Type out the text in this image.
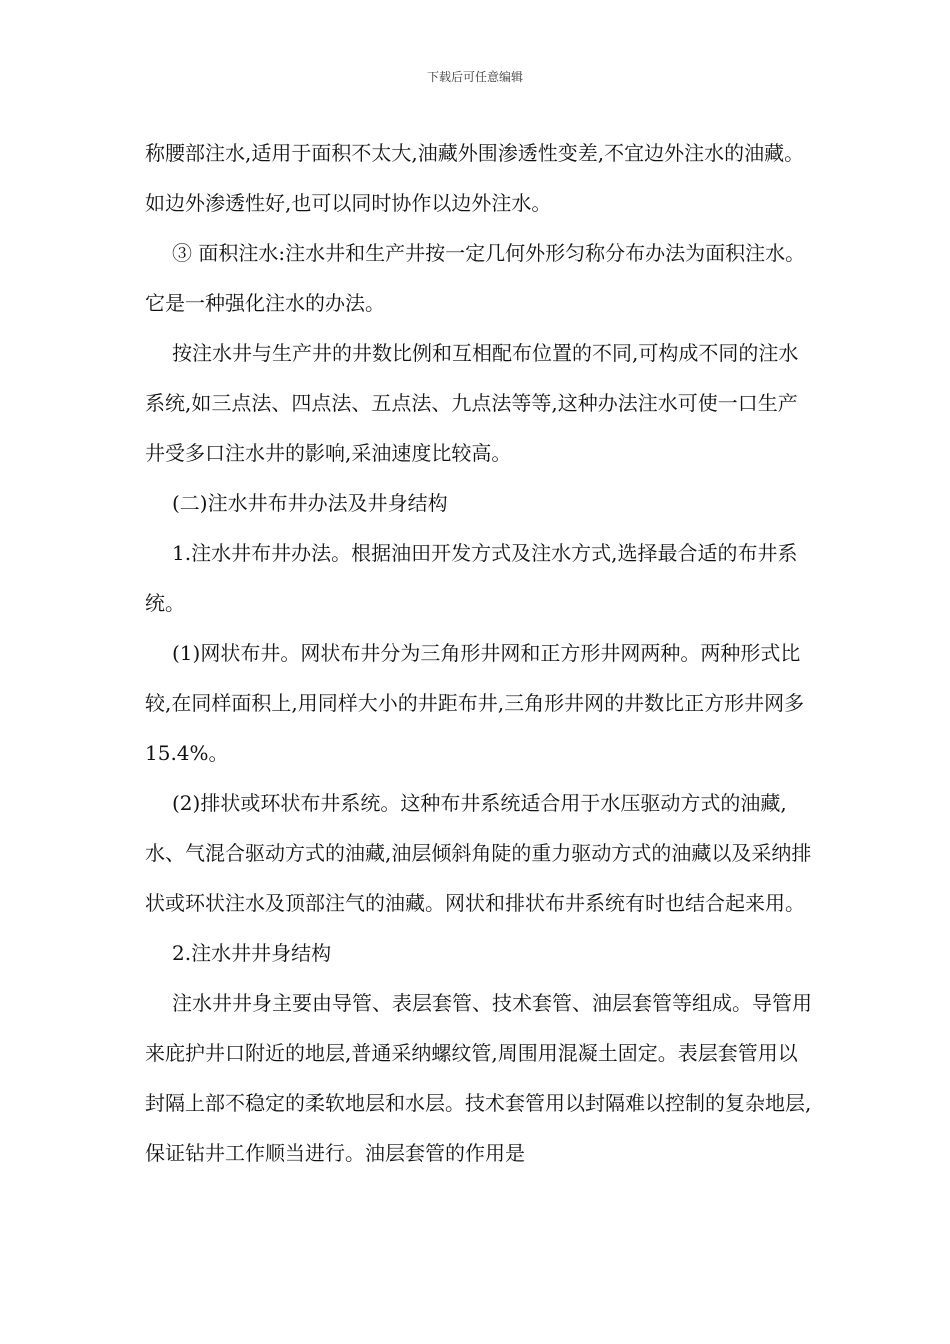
下载后可任意编辑

称腰部注水,适用于面积不太大,油藏外围渗透性变差,不宜边外注水的油藏。如边外渗透性好,也可以同时协作以边外注水。

③ 面积注水:注水井和生产井按一定几何外形匀称分布办法为面积注水。它是一种强化注水的办法。

按注水井与生产井的井数比例和互相配布位置的不同,可构成不同的注水系统,如三点法、四点法、五点法、九点法等等,这种办法注水可使一口生产井受多口注水井的影响,采油速度比较高。

(二)注水井布井办法及井身结构

1.注水井布井办法。根据油田开发方式及注水方式,选择最合适的布井系统。

(1)网状布井。网状布井分为三角形井网和正方形井网两种。两种形式比较,在同样面积上,用同样大小的井距布井,三角形井网的井数比正方形井网多15.4%。

(2)排状或环状布井系统。这种布井系统适合用于水压驱动方式的油藏,水、气混合驱动方式的油藏,油层倾斜角陡的重力驱动方式的油藏以及采纳排状或环状注水及顶部注气的油藏。网状和排状布井系统有时也结合起来用。

2.注水井井身结构

注水井井身主要由导管、表层套管、技术套管、油层套管等组成。导管用来庇护井口附近的地层,普通采纳螺纹管,周围用混凝土固定。表层套管用以封隔上部不稳定的柔软地层和水层。技术套管用以封隔难以控制的复杂地层,保证钻井工作顺当进行。油层套管的作用是
